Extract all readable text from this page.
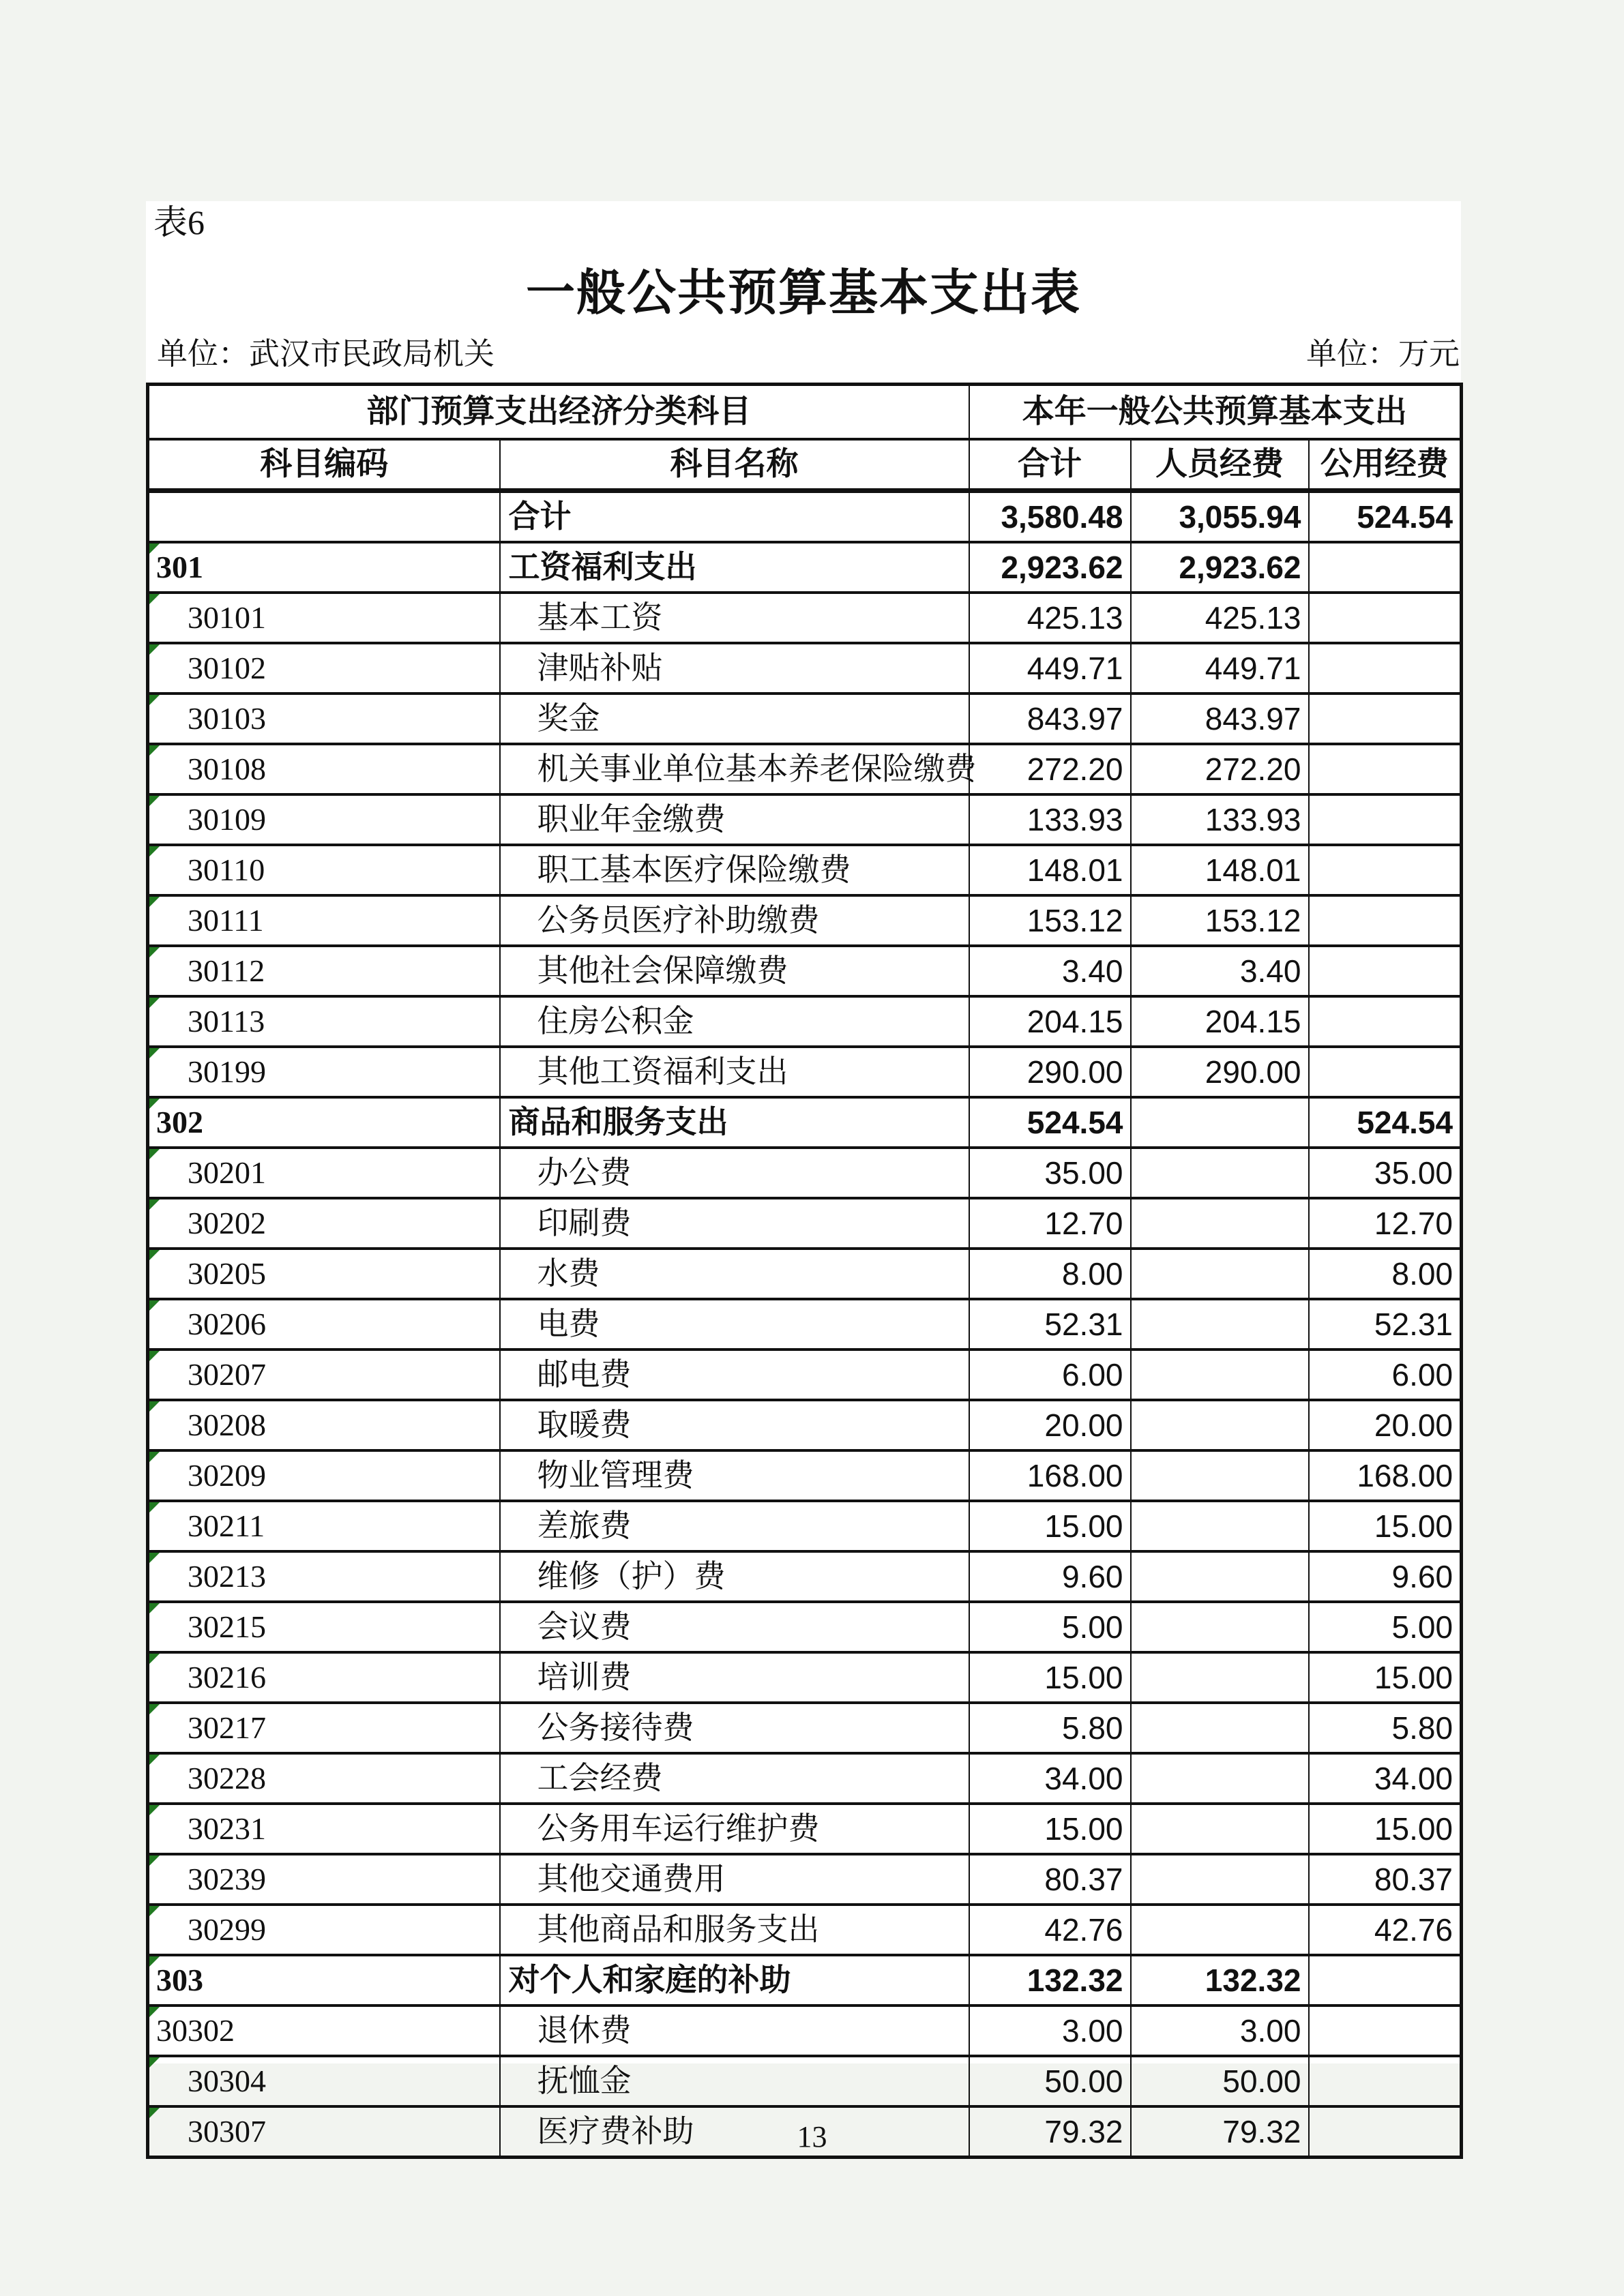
表6
一般公共预算基本支出表
单位：武汉市民政局机关	单位：万元
部门预算支出经济分类科目		本年一般公共预算基本支出		
科目编码	科目名称	合计	人员经费	公用经费
	合计	3,580.48	3,055.94	524.54

301	工资福利支出	2,923.62	2,923.62	

30101	基本工资	425.13	425.13	

30102	津贴补贴	449.71	449.71	

30103	奖金	843.97	843.97	

30108	机关事业单位基本养老保险缴费	272.20	272.20	

30109	职业年金缴费	133.93	133.93	

30110	职工基本医疗保险缴费	148.01	148.01	

30111	公务员医疗补助缴费	153.12	153.12	

30112	其他社会保障缴费	3.40	3.40	

30113	住房公积金	204.15	204.15	

30199	其他工资福利支出	290.00	290.00	

302	商品和服务支出	524.54		524.54

30201	办公费	35.00		35.00

30202	印刷费	12.70		12.70

30205	水费	8.00		8.00

30206	电费	52.31		52.31

30207	邮电费	6.00		6.00

30208	取暖费	20.00		20.00

30209	物业管理费	168.00		168.00

30211	差旅费	15.00		15.00

30213	维修（护）费	9.60		9.60

30215	会议费	5.00		5.00

30216	培训费	15.00		15.00

30217	公务接待费	5.80		5.80

30228	工会经费	34.00		34.00

30231	公务用车运行维护费	15.00		15.00

30239	其他交通费用	80.37		80.37

30299	其他商品和服务支出	42.76		42.76

303	对个人和家庭的补助	132.32	132.32	

30302	退休费	3.00	3.00	

30304	抚恤金	50.00	50.00	

30307	医疗费补助	79.32	79.32	
13
